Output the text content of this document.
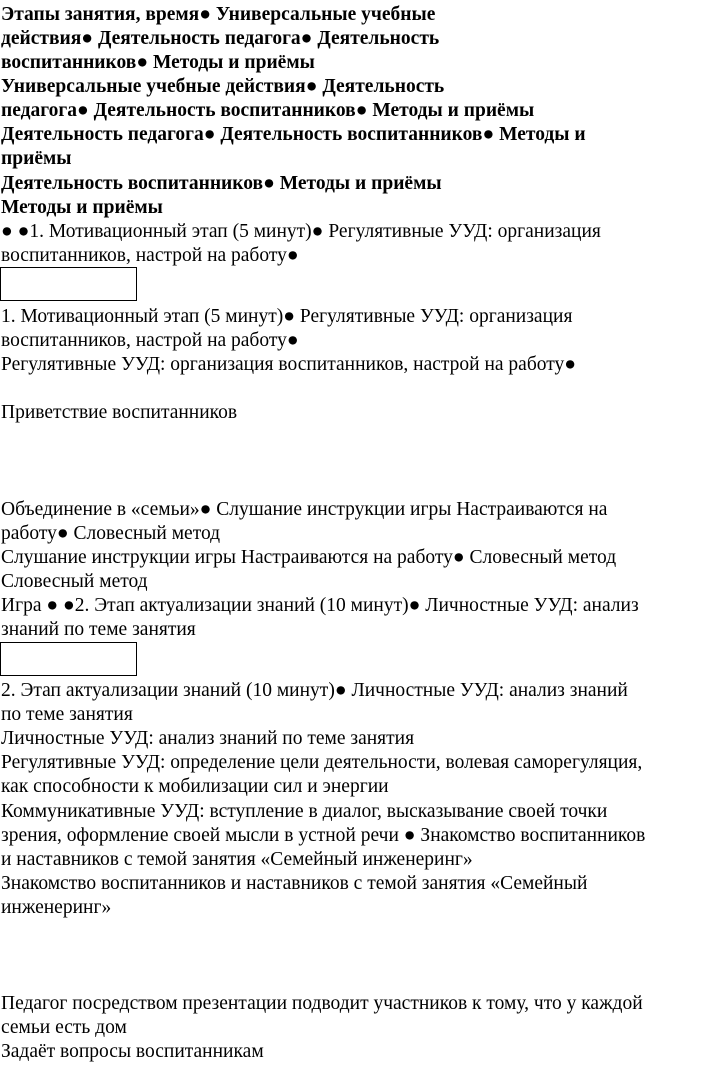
Этапы занятия, время● Универсальные учебные
действия● Деятельность педагога● Деятельность
воспитанников● Методы и приёмы
Универсальные учебные действия● Деятельность
педагога● Деятельность воспитанников● Методы и приёмы
Деятельность педагога● Деятельность воспитанников● Методы и
приёмы
Деятельность воспитанников● Методы и приёмы
Методы и приёмы
● ●1. Мотивационный этап (5 минут)● Регулятивные УУД: организация
воспитанников, настрой на работу●
1. Мотивационный этап (5 минут)● Регулятивные УУД: организация
воспитанников, настрой на работу●
Регулятивные УУД: организация воспитанников, настрой на работу●
Приветствие воспитанников
Объединение в «семьи»● Слушание инструкции игры Настраиваются на
работу● Словесный метод
Слушание инструкции игры Настраиваются на работу● Словесный метод
Словесный метод
Игра ● ●2. Этап актуализации знаний (10 минут)● Личностные УУД: анализ
знаний по теме занятия
2. Этап актуализации знаний (10 минут)● Личностные УУД: анализ знаний
по теме занятия
Личностные УУД: анализ знаний по теме занятия
Регулятивные УУД: определение цели деятельности, волевая саморегуляция,
как способности к мобилизации сил и энергии
Коммуникативные УУД: вступление в диалог, высказывание своей точки
зрения, оформление своей мысли в устной речи ● Знакомство воспитанников
и наставников с темой занятия «Семейный инженеринг»
Знакомство воспитанников и наставников с темой занятия «Семейный
инженеринг»
Педагог посредством презентации подводит участников к тому, что у каждой
семьи есть дом
Задаёт вопросы воспитанникам
